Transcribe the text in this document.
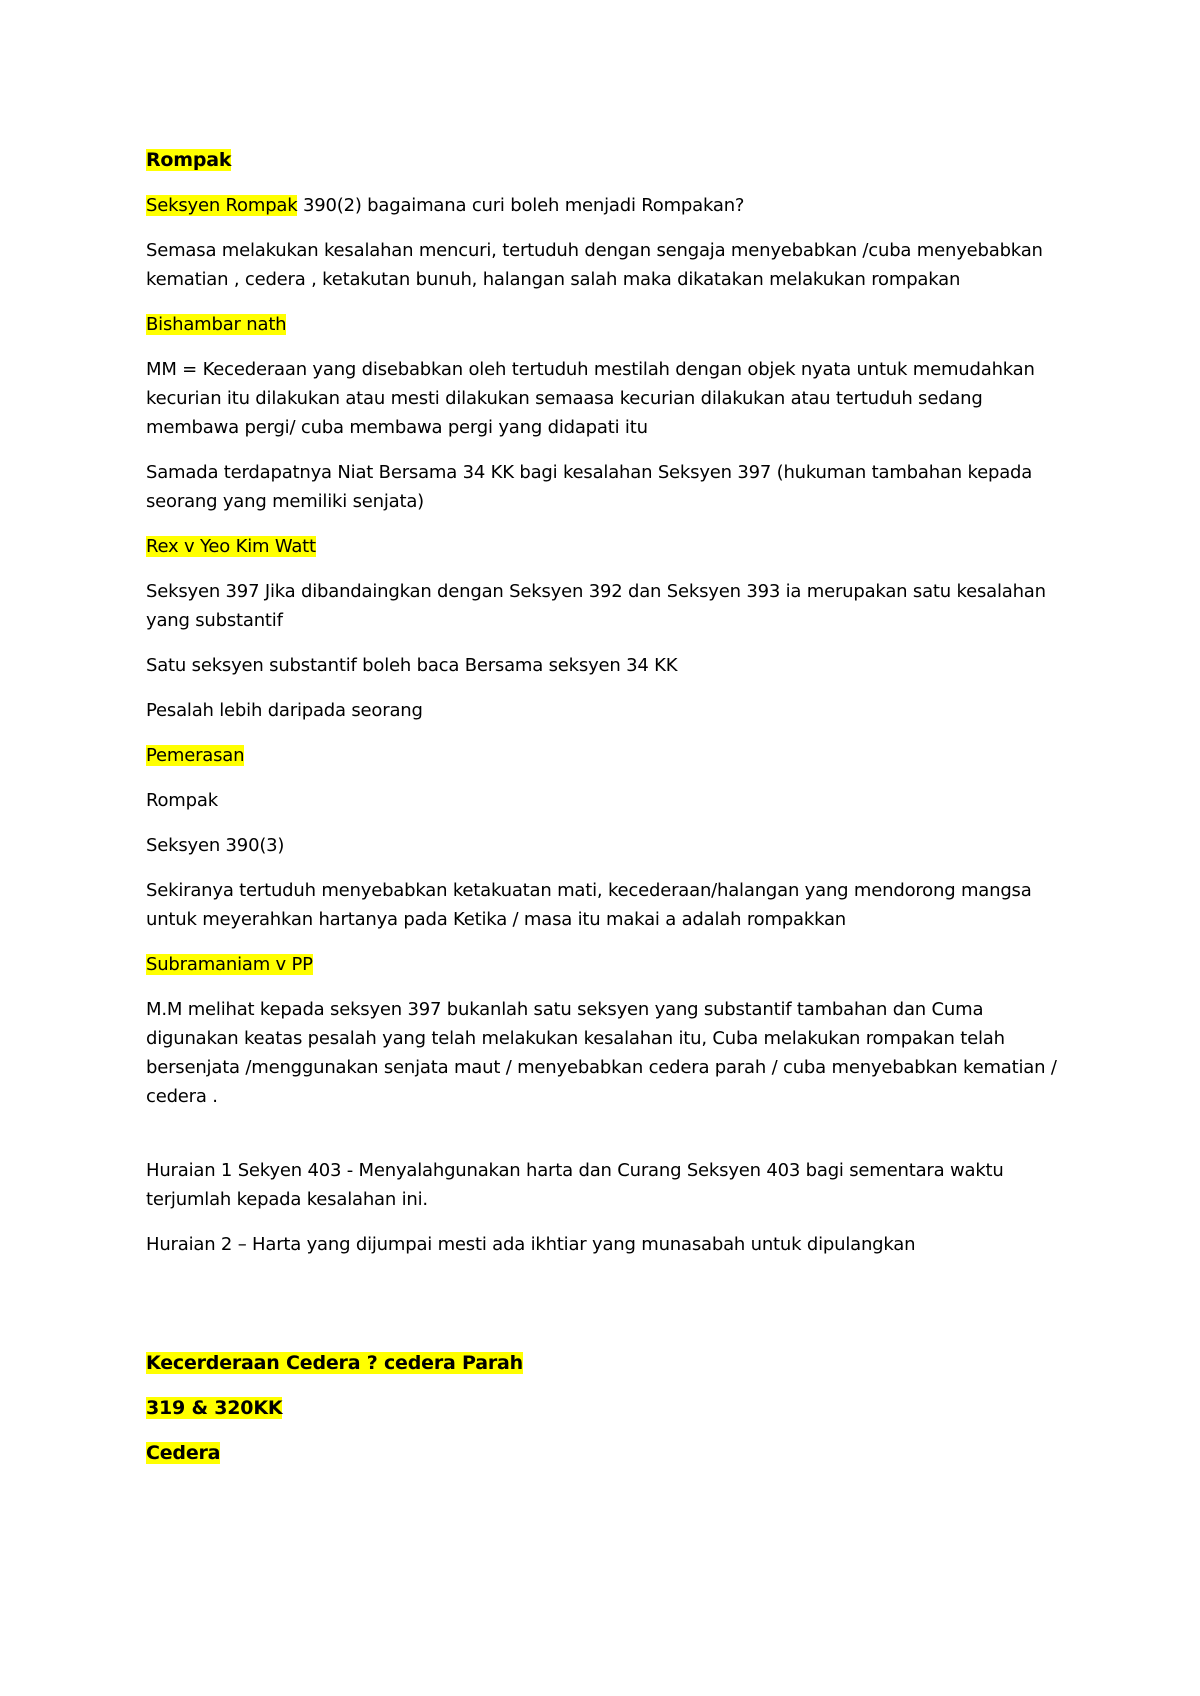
Rompak

Seksyen Rompak 390(2) bagaimana curi boleh menjadi Rompakan?

Semasa melakukan kesalahan mencuri, tertuduh dengan sengaja menyebabkan /cuba menyebabkan kematian , cedera , ketakutan bunuh, halangan salah maka dikatakan melakukan rompakan

Bishambar nath

MM = Kecederaan yang disebabkan oleh tertuduh mestilah dengan objek nyata untuk memudahkan kecurian itu dilakukan atau mesti dilakukan semaasa kecurian dilakukan atau tertuduh sedang membawa pergi/ cuba membawa pergi yang didapati itu

Samada terdapatnya Niat Bersama 34 KK bagi kesalahan Seksyen 397 (hukuman tambahan kepada seorang yang memiliki senjata)

Rex v Yeo Kim Watt

Seksyen 397 Jika dibandaingkan dengan Seksyen 392 dan Seksyen 393 ia merupakan satu kesalahan yang substantif

Satu seksyen substantif boleh baca Bersama seksyen 34 KK

Pesalah lebih daripada seorang

Pemerasan

Rompak

Seksyen 390(3)

Sekiranya tertuduh menyebabkan ketakuatan mati, kecederaan/halangan yang mendorong mangsa untuk meyerahkan hartanya pada Ketika / masa itu makai a adalah rompakkan

Subramaniam v PP

M.M melihat kepada seksyen 397 bukanlah satu seksyen yang substantif tambahan dan Cuma digunakan keatas pesalah yang telah melakukan kesalahan itu, Cuba melakukan rompakan telah bersenjata /menggunakan senjata maut / menyebabkan cedera parah / cuba menyebabkan kematian / cedera .

Huraian 1 Sekyen 403 - Menyalahgunakan harta dan Curang Seksyen 403 bagi sementara waktu terjumlah kepada kesalahan ini.

Huraian 2 – Harta yang dijumpai mesti ada ikhtiar yang munasabah untuk dipulangkan

Kecerderaan Cedera ? cedera Parah

319 & 320KK

Cedera
